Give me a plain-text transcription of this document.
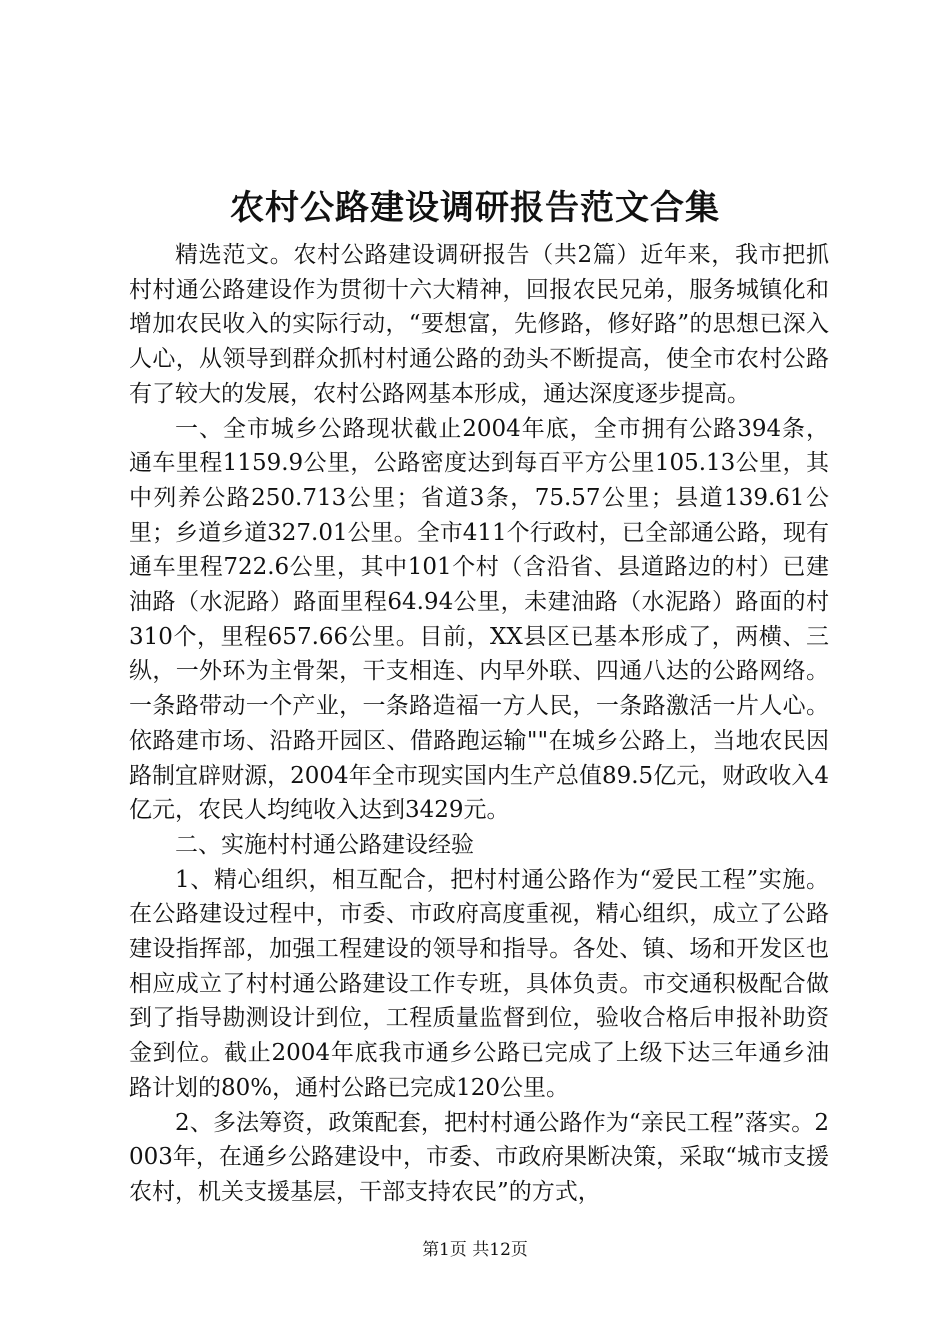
农村公路建设调研报告范文合集

精选范文。农村公路建设调研报告（共2篇）近年来，我市把抓村村通公路建设作为贯彻十六大精神，回报农民兄弟，服务城镇化和增加农民收入的实际行动，“要想富，先修路，修好路”的思想已深入人心，从领导到群众抓村村通公路的劲头不断提高，使全市农村公路有了较大的发展，农村公路网基本形成，通达深度逐步提高。

一、全市城乡公路现状截止2004年底，全市拥有公路394条，通车里程1159.9公里，公路密度达到每百平方公里105.13公里，其中列养公路250.713公里；省道3条，75.57公里；县道139.61公里；乡道乡道327.01公里。全市411个行政村，已全部通公路，现有通车里程722.6公里，其中101个村（含沿省、县道路边的村）已建油路（水泥路）路面里程64.94公里，未建油路（水泥路）路面的村310个，里程657.66公里。目前，XX县区已基本形成了，两横、三纵，一外环为主骨架，干支相连、内早外联、四通八达的公路网络。一条路带动一个产业，一条路造福一方人民，一条路激活一片人心。依路建市场、沿路开园区、借路跑运输""在城乡公路上，当地农民因路制宜辟财源，2004年全市现实国内生产总值89.5亿元，财政收入4亿元，农民人均纯收入达到3429元。

二、实施村村通公路建设经验

1、精心组织，相互配合，把村村通公路作为“爱民工程”实施。在公路建设过程中，市委、市政府高度重视，精心组织，成立了公路建设指挥部，加强工程建设的领导和指导。各处、镇、场和开发区也相应成立了村村通公路建设工作专班，具体负责。市交通积极配合做到了指导勘测设计到位，工程质量监督到位，验收合格后申报补助资金到位。截止2004年底我市通乡公路已完成了上级下达三年通乡油路计划的80%，通村公路已完成120公里。

2、多法筹资，政策配套，把村村通公路作为“亲民工程”落实。2003年，在通乡公路建设中，市委、市政府果断决策，采取“城市支援农村，机关支援基层，干部支持农民”的方式，

第1页 共12页
